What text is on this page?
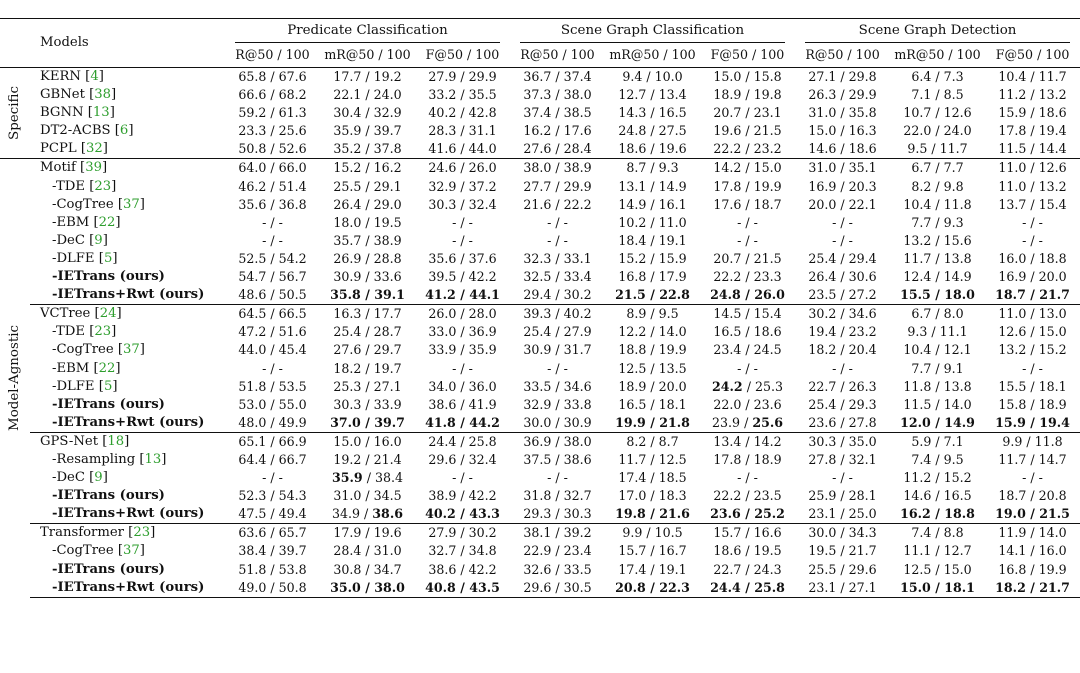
	Models	Predicate Classification			Scene Graph Classification			Scene Graph Detection		
		R@50 / 100	mR@50 / 100	F@50 / 100	R@50 / 100	mR@50 / 100	F@50 / 100	R@50 / 100	mR@50 / 100	F@50 / 100

Specific	KERN [4]	65.8 / 67.6	17.7 / 19.2	27.9 / 29.9	36.7 / 37.4	9.4 / 10.0	15.0 / 15.8	27.1 / 29.8	6.4 / 7.3	10.4 / 11.7
	GBNet [38]	66.6 / 68.2	22.1 / 24.0	33.2 / 35.5	37.3 / 38.0	12.7 / 13.4	18.9 / 19.8	26.3 / 29.9	7.1 / 8.5	11.2 / 13.2
	BGNN [13]	59.2 / 61.3	30.4 / 32.9	40.2 / 42.8	37.4 / 38.5	14.3 / 16.5	20.7 / 23.1	31.0 / 35.8	10.7 / 12.6	15.9 / 18.6
	DT2-ACBS [6]	23.3 / 25.6	35.9 / 39.7	28.3 / 31.1	16.2 / 17.6	24.8 / 27.5	19.6 / 21.5	15.0 / 16.3	22.0 / 24.0	17.8 / 19.4
	PCPL [32]	50.8 / 52.6	35.2 / 37.8	41.6 / 44.0	27.6 / 28.4	18.6 / 19.6	22.2 / 23.2	14.6 / 18.6	9.5 / 11.7	11.5 / 14.4

Model-Agnostic	Motif [39]	64.0 / 66.0	15.2 / 16.2	24.6 / 26.0	38.0 / 38.9	8.7 / 9.3	14.2 / 15.0	31.0 / 35.1	6.7 / 7.7	11.0 / 12.6
	-TDE [23]	46.2 / 51.4	25.5 / 29.1	32.9 / 37.2	27.7 / 29.9	13.1 / 14.9	17.8 / 19.9	16.9 / 20.3	8.2 / 9.8	11.0 / 13.2
	-CogTree [37]	35.6 / 36.8	26.4 / 29.0	30.3 / 32.4	21.6 / 22.2	14.9 / 16.1	17.6 / 18.7	20.0 / 22.1	10.4 / 11.8	13.7 / 15.4
	-EBM [22]	- / -	18.0 / 19.5	- / -	- / -	10.2 / 11.0	- / -	- / -	7.7 / 9.3	- / -
	-DeC [9]	- / -	35.7 / 38.9	- / -	- / -	18.4 / 19.1	- / -	- / -	13.2 / 15.6	- / -
	-DLFE [5]	52.5 / 54.2	26.9 / 28.8	35.6 / 37.6	32.3 / 33.1	15.2 / 15.9	20.7 / 21.5	25.4 / 29.4	11.7 / 13.8	16.0 / 18.8
	-IETrans (ours)	54.7 / 56.7	30.9 / 33.6	39.5 / 42.2	32.5 / 33.4	16.8 / 17.9	22.2 / 23.3	26.4 / 30.6	12.4 / 14.9	16.9 / 20.0
	-IETrans+Rwt (ours)	48.6 / 50.5	35.8 / 39.1	41.2 / 44.1	29.4 / 30.2	21.5 / 22.8	24.8 / 26.0	23.5 / 27.2	15.5 / 18.0	18.7 / 21.7
	VCTree [24]	64.5 / 66.5	16.3 / 17.7	26.0 / 28.0	39.3 / 40.2	8.9 / 9.5	14.5 / 15.4	30.2 / 34.6	6.7 / 8.0	11.0 / 13.0
	-TDE [23]	47.2 / 51.6	25.4 / 28.7	33.0 / 36.9	25.4 / 27.9	12.2 / 14.0	16.5 / 18.6	19.4 / 23.2	9.3 / 11.1	12.6 / 15.0
	-CogTree [37]	44.0 / 45.4	27.6 / 29.7	33.9 / 35.9	30.9 / 31.7	18.8 / 19.9	23.4 / 24.5	18.2 / 20.4	10.4 / 12.1	13.2 / 15.2
	-EBM [22]	- / -	18.2 / 19.7	- / -	- / -	12.5 / 13.5	- / -	- / -	7.7 / 9.1	- / -
	-DLFE [5]	51.8 / 53.5	25.3 / 27.1	34.0 / 36.0	33.5 / 34.6	18.9 / 20.0	24.2 / 25.3	22.7 / 26.3	11.8 / 13.8	15.5 / 18.1
	-IETrans (ours)	53.0 / 55.0	30.3 / 33.9	38.6 / 41.9	32.9 / 33.8	16.5 / 18.1	22.0 / 23.6	25.4 / 29.3	11.5 / 14.0	15.8 / 18.9
	-IETrans+Rwt (ours)	48.0 / 49.9	37.0 / 39.7	41.8 / 44.2	30.0 / 30.9	19.9 / 21.8	23.9 / 25.6	23.6 / 27.8	12.0 / 14.9	15.9 / 19.4
	GPS-Net [18]	65.1 / 66.9	15.0 / 16.0	24.4 / 25.8	36.9 / 38.0	8.2 / 8.7	13.4 / 14.2	30.3 / 35.0	5.9 / 7.1	9.9 / 11.8
	-Resampling [13]	64.4 / 66.7	19.2 / 21.4	29.6 / 32.4	37.5 / 38.6	11.7 / 12.5	17.8 / 18.9	27.8 / 32.1	7.4 / 9.5	11.7 / 14.7
	-DeC [9]	- / -	35.9 / 38.4	- / -	- / -	17.4 / 18.5	- / -	- / -	11.2 / 15.2	- / -
	-IETrans (ours)	52.3 / 54.3	31.0 / 34.5	38.9 / 42.2	31.8 / 32.7	17.0 / 18.3	22.2 / 23.5	25.9 / 28.1	14.6 / 16.5	18.7 / 20.8
	-IETrans+Rwt (ours)	47.5 / 49.4	34.9 / 38.6	40.2 / 43.3	29.3 / 30.3	19.8 / 21.6	23.6 / 25.2	23.1 / 25.0	16.2 / 18.8	19.0 / 21.5
	Transformer [23]	63.6 / 65.7	17.9 / 19.6	27.9 / 30.2	38.1 / 39.2	9.9 / 10.5	15.7 / 16.6	30.0 / 34.3	7.4 / 8.8	11.9 / 14.0
	-CogTree [37]	38.4 / 39.7	28.4 / 31.0	32.7 / 34.8	22.9 / 23.4	15.7 / 16.7	18.6 / 19.5	19.5 / 21.7	11.1 / 12.7	14.1 / 16.0
	-IETrans (ours)	51.8 / 53.8	30.8 / 34.7	38.6 / 42.2	32.6 / 33.5	17.4 / 19.1	22.7 / 24.3	25.5 / 29.6	12.5 / 15.0	16.8 / 19.9
	-IETrans+Rwt (ours)	49.0 / 50.8	35.0 / 38.0	40.8 / 43.5	29.6 / 30.5	20.8 / 22.3	24.4 / 25.8	23.1 / 27.1	15.0 / 18.1	18.2 / 21.7
